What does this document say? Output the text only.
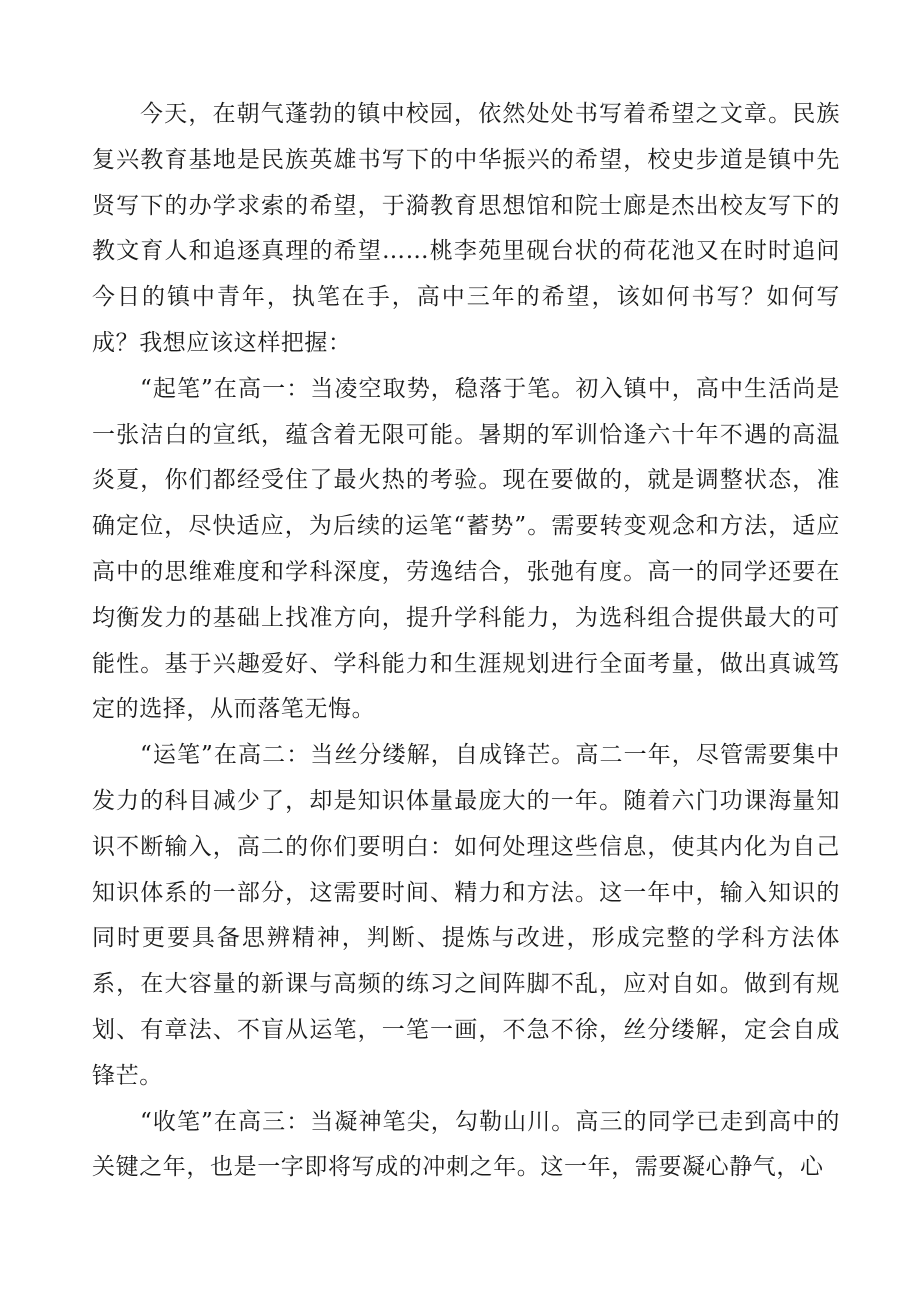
今天，在朝气蓬勃的镇中校园，依然处处书写着希望之文章。民族复兴教育基地是民族英雄书写下的中华振兴的希望，校史步道是镇中先贤写下的办学求索的希望，于漪教育思想馆和院士廊是杰出校友写下的教文育人和追逐真理的希望……桃李苑里砚台状的荷花池又在时时追问今日的镇中青年，执笔在手，高中三年的希望，该如何书写？如何写成？我想应该这样把握：

“起笔”在高一：当凌空取势，稳落于笔。初入镇中，高中生活尚是一张洁白的宣纸，蕴含着无限可能。暑期的军训恰逢六十年不遇的高温炎夏，你们都经受住了最火热的考验。现在要做的，就是调整状态，准确定位，尽快适应，为后续的运笔“蓄势”。需要转变观念和方法，适应高中的思维难度和学科深度，劳逸结合，张弛有度。高一的同学还要在均衡发力的基础上找准方向，提升学科能力，为选科组合提供最大的可能性。基于兴趣爱好、学科能力和生涯规划进行全面考量，做出真诚笃定的选择，从而落笔无悔。

“运笔”在高二：当丝分缕解，自成锋芒。高二一年，尽管需要集中发力的科目减少了，却是知识体量最庞大的一年。随着六门功课海量知识不断输入，高二的你们要明白：如何处理这些信息，使其内化为自己知识体系的一部分，这需要时间、精力和方法。这一年中，输入知识的同时更要具备思辨精神，判断、提炼与改进，形成完整的学科方法体系，在大容量的新课与高频的练习之间阵脚不乱，应对自如。做到有规划、有章法、不盲从运笔，一笔一画，不急不徐，丝分缕解，定会自成锋芒。

“收笔”在高三：当凝神笔尖，勾勒山川。高三的同学已走到高中的关键之年，也是一字即将写成的冲刺之年。这一年，需要凝心静气，心
